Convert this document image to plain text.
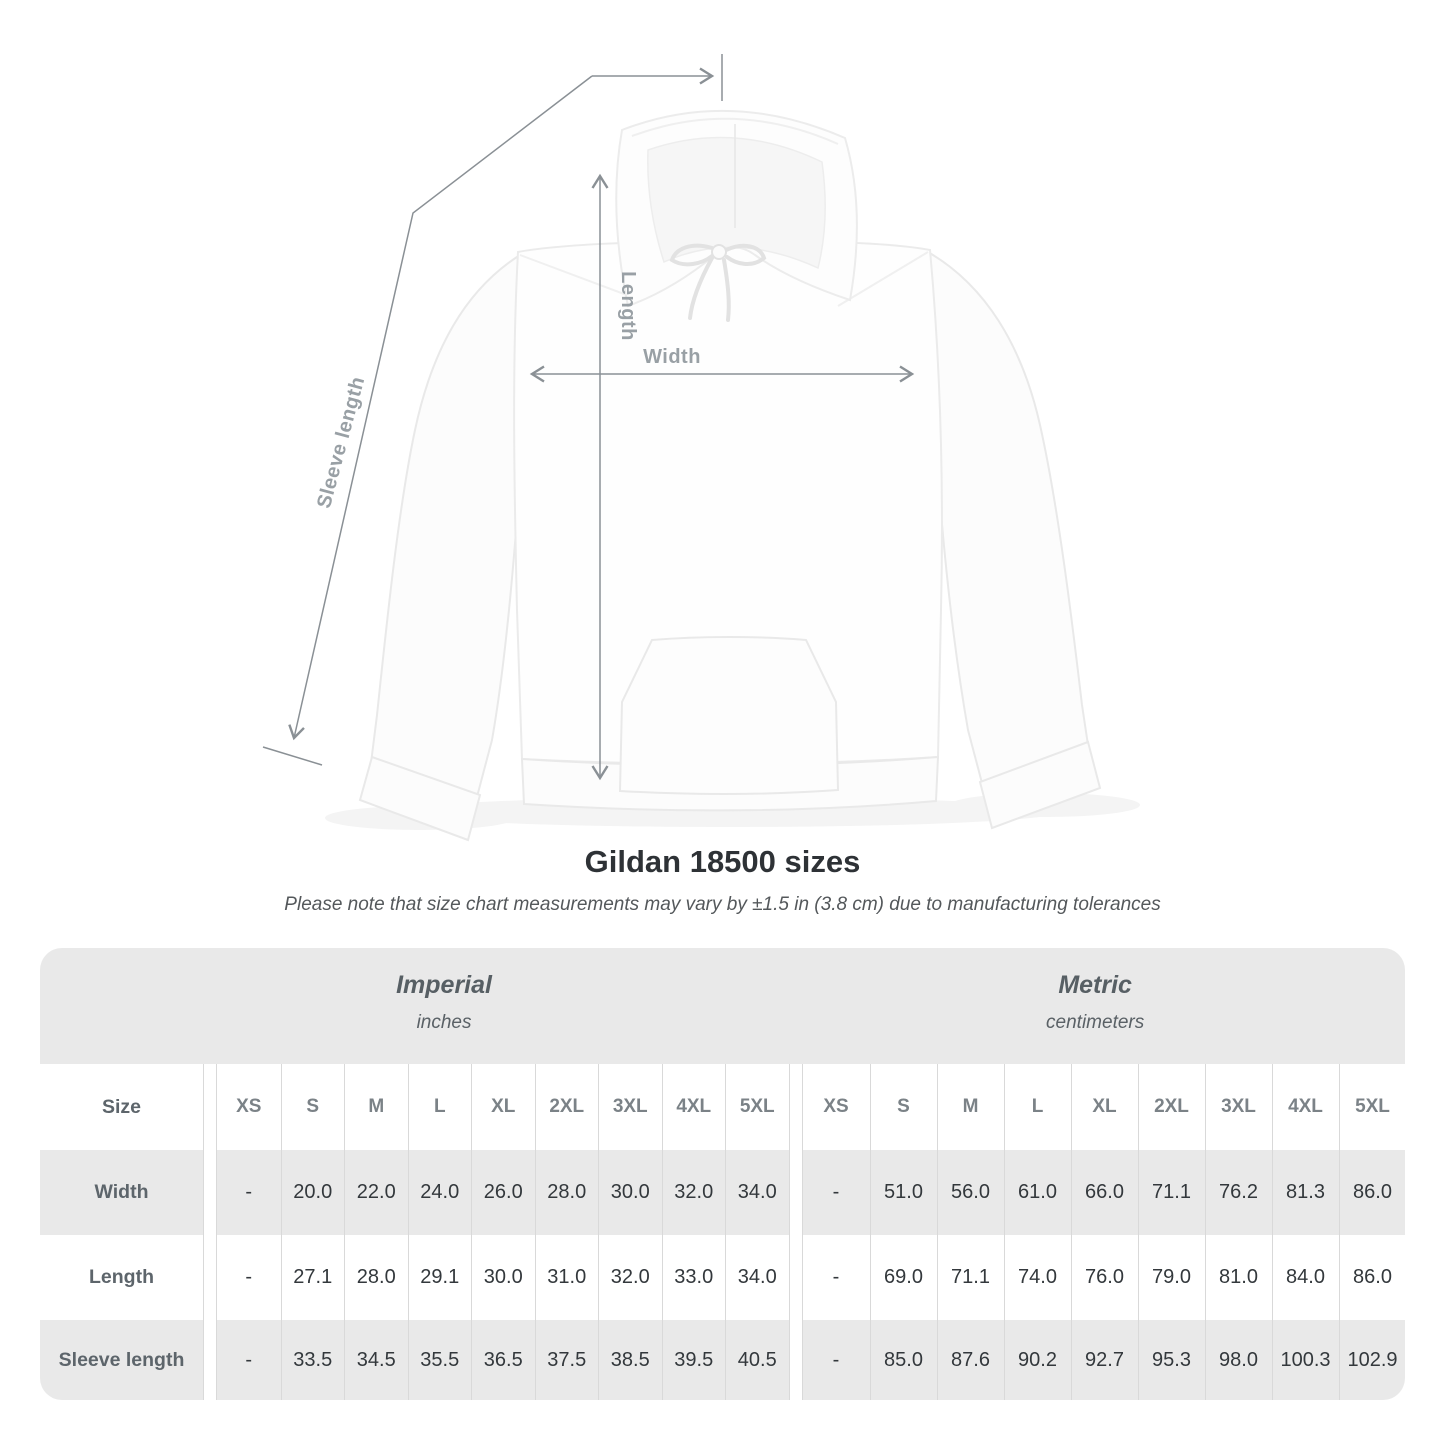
Sleeve length
Length
Width
Gildan 18500 sizes
Please note that size chart measurements may vary by ±1.5 in (3.8 cm) due to manufacturing tolerances
Imperial
inches
Metric
centimeters
Size	XS	S	M	L	XL	2XL	3XL	4XL	5XL	XS	S	M	L	XL	2XL	3XL	4XL	5XL
Width	-	20.0	22.0	24.0	26.0	28.0	30.0	32.0	34.0	-	51.0	56.0	61.0	66.0	71.1	76.2	81.3	86.0
Length	-	27.1	28.0	29.1	30.0	31.0	32.0	33.0	34.0	-	69.0	71.1	74.0	76.0	79.0	81.0	84.0	86.0
Sleeve length	-	33.5	34.5	35.5	36.5	37.5	38.5	39.5	40.5	-	85.0	87.6	90.2	92.7	95.3	98.0	100.3 102.9
